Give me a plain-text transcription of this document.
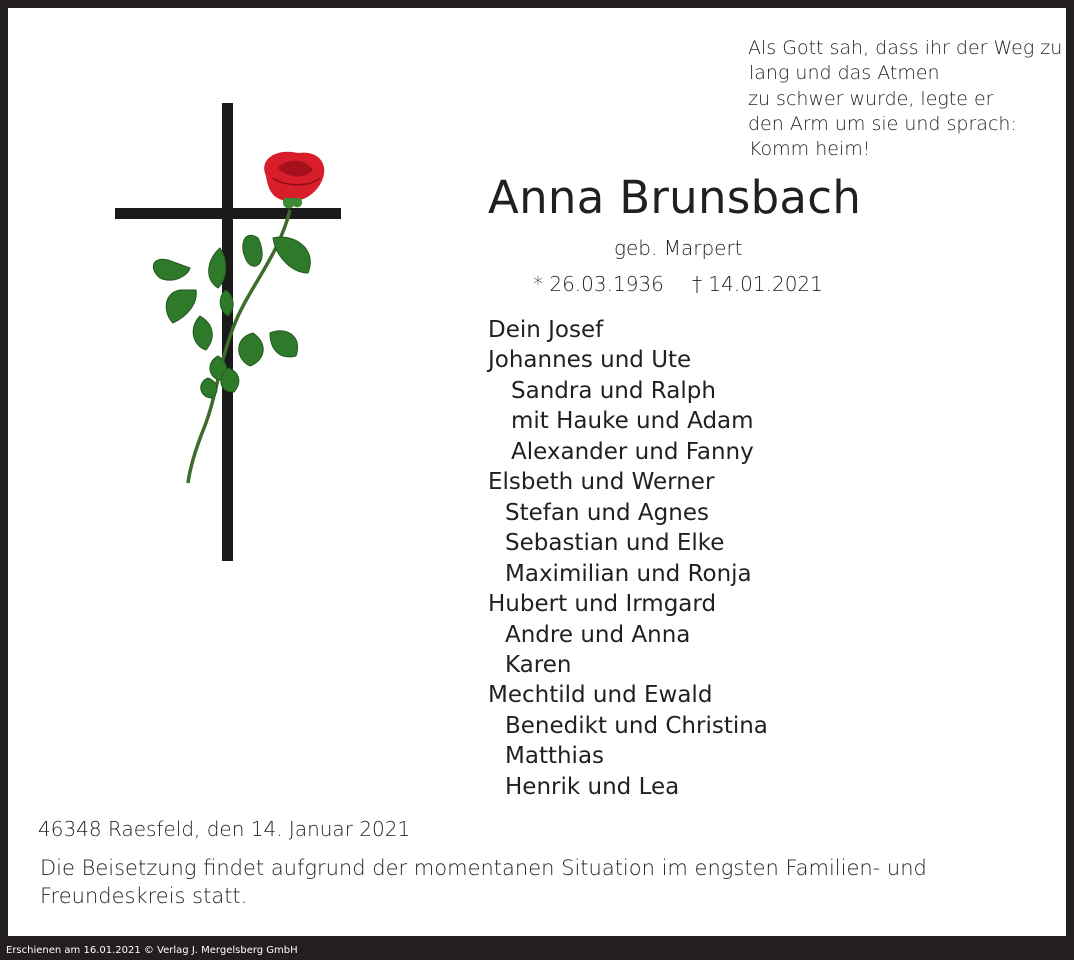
Als Gott sah, dass ihr der Weg zu
lang und das Atmen
zu schwer wurde, legte er
den Arm um sie und sprach:
Komm heim!
Anna Brunsbach
geb. Marpert
* 26.03.1936 † 14.01.2021
Dein Josef
Johannes und Ute
Sandra und Ralph
mit Hauke und Adam
Alexander und Fanny
Elsbeth und Werner
Stefan und Agnes
Sebastian und Elke
Maximilian und Ronja
Hubert und Irmgard
Andre und Anna
Karen
Mechtild und Ewald
Benedikt und Christina
Matthias
Henrik und Lea
46348 Raesfeld, den 14. Januar 2021
Die Beisetzung findet aufgrund der momentanen Situation im engsten Familien- und Freundeskreis statt.
Erschienen am 16.01.2021 © Verlag J. Mergelsberg GmbH
